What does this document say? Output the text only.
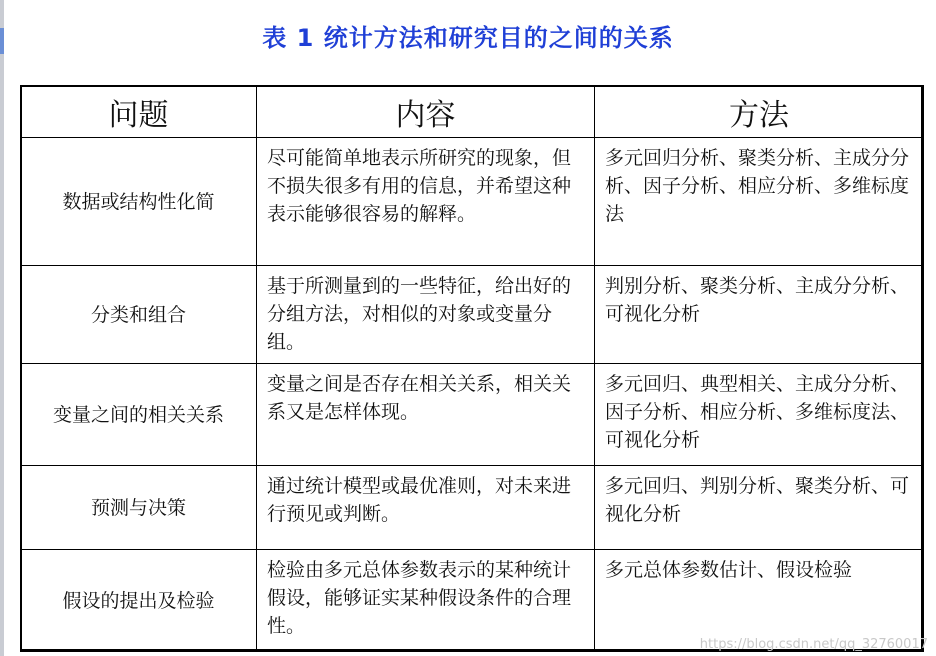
表 1 统计方法和研究目的之间的关系
问题	内容	方法
数据或结构性化简	尽可能简单地表示所研究的现象，但不损失很多有用的信息，并希望这种表示能够很容易的解释。	多元回归分析、聚类分析、主成分分析、因子分析、相应分析、多维标度法
分类和组合	基于所测量到的一些特征，给出好的分组方法，对相似的对象或变量分组。	判别分析、聚类分析、主成分分析、可视化分析
变量之间的相关关系	变量之间是否存在相关关系，相关关系又是怎样体现。	多元回归、典型相关、主成分分析、因子分析、相应分析、多维标度法、可视化分析
预测与决策	通过统计模型或最优准则，对未来进行预见或判断。	多元回归、判别分析、聚类分析、可视化分析
假设的提出及检验	检验由多元总体参数表示的某种统计假设，能够证实某种假设条件的合理性。	多元总体参数估计、假设检验
https://blog.csdn.net/qq_32760017
